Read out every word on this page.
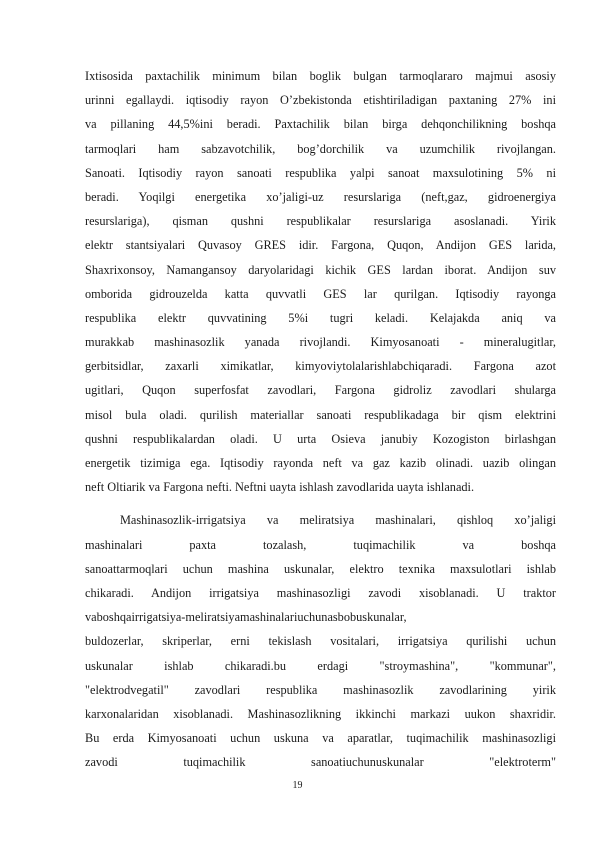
Ixtisosida paxtachilik minimum bilan boglik bulgan tarmoqlararo majmui asosiy
urinni egallaydi. iqtisodiy rayon O’zbekistonda etishtiriladigan paxtaning 27% ini
va pillaning 44,5%ini beradi. Paxtachilik bilan birga dehqonchilikning boshqa
tarmoqlari ham sabzavotchilik, bog’dorchilik va uzumchilik rivojlangan.
Sanoati. Iqtisodiy rayon sanoati respublika yalpi sanoat maxsulotining 5% ni
beradi. Yoqilgi energetika xo’jaligi-uz resurslariga (neft,gaz, gidroenergiya
resurslariga), qisman qushni respublikalar resurslariga asoslanadi. Yirik
elektr stantsiyalari Quvasoy GRES idir. Fargona, Quqon, Andijon GES larida,
Shaxrixonsoy, Namangansoy daryolaridagi kichik GES lardan iborat. Andijon suv
omborida gidrouzelda katta quvvatli GES lar qurilgan. Iqtisodiy rayonga
respublika elektr quvvatining 5%i tugri keladi. Kelajakda aniq va
murakkab mashinasozlik yanada rivojlandi. Kimyosanoati - mineralugitlar,
gerbitsidlar, zaxarli ximikatlar, kimyoviytolalarishlabchiqaradi. Fargona azot
ugitlari, Quqon superfosfat zavodlari, Fargona gidroliz zavodlari shularga
misol bula oladi. qurilish materiallar sanoati respublikadaga bir qism elektrini
qushni respublikalardan oladi. U urta Osieva janubiy Kozogiston birlashgan
energetik tizimiga ega. Iqtisodiy rayonda neft va gaz kazib olinadi. uazib olingan
neft Oltiarik va Fargona nefti. Neftni uayta ishlash zavodlarida uayta ishlanadi.
Mashinasozlik-irrigatsiya va meliratsiya mashinalari, qishloq xo’jaligi
mashinalari paxta tozalash, tuqimachilik va boshqa
sanoattarmoqlari uchun mashina uskunalar, elektro texnika maxsulotlari ishlab
chikaradi. Andijon irrigatsiya mashinasozligi zavodi xisoblanadi. U traktor
vaboshqairrigatsiya-meliratsiyamashinalariuchunasbobuskunalar,
buldozerlar, skriperlar, erni tekislash vositalari, irrigatsiya qurilishi uchun
uskunalar ishlab chikaradi.bu erdagi "stroymashina", "kommunar",
"elektrodvegatil" zavodlari respublika mashinasozlik zavodlarining yirik
karxonalaridan xisoblanadi. Mashinasozlikning ikkinchi markazi uukon shaxridir.
Bu erda Kimyosanoati uchun uskuna va aparatlar, tuqimachilik mashinasozligi
zavodi tuqimachilik sanoatiuchunuskunalar "elektroterm"
19
